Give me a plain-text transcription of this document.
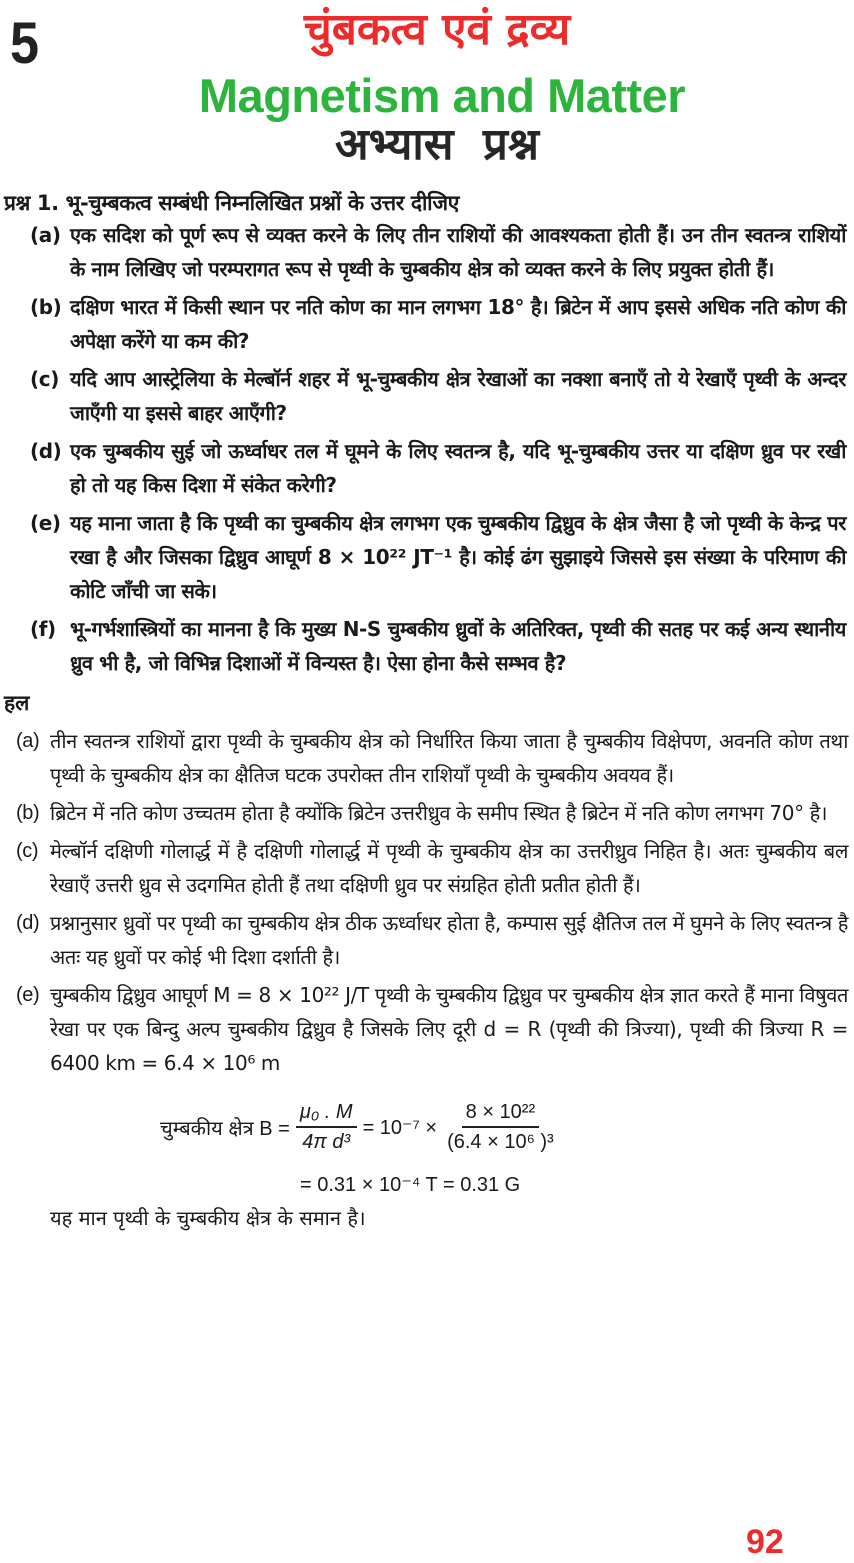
5	चुंबकत्व एवं द्रव्य
Magnetism and Matter
अभ्यास प्रश्न
प्रश्न 1. भू-चुम्बकत्व सम्बंधी निम्नलिखित प्रश्नों के उत्तर दीजिए
(a) एक सदिश को पूर्ण रूप से व्यक्त करने के लिए तीन राशियों की आवश्यकता होती हैं। उन तीन स्वतन्त्र राशियों के नाम लिखिए जो परम्परागत रूप से पृथ्वी के चुम्बकीय क्षेत्र को व्यक्त करने के लिए प्रयुक्त होती हैं।
(b) दक्षिण भारत में किसी स्थान पर नति कोण का मान लगभग 18° है। ब्रिटेन में आप इससे अधिक नति कोण की अपेक्षा करेंगे या कम की?
(c) यदि आप आस्ट्रेलिया के मेल्बॉर्न शहर में भू-चुम्बकीय क्षेत्र रेखाओं का नक्शा बनाएँ तो ये रेखाएँ पृथ्वी के अन्दर जाएँगी या इससे बाहर आएँगी?
(d) एक चुम्बकीय सुई जो ऊर्ध्वाधर तल में घूमने के लिए स्वतन्त्र है, यदि भू-चुम्बकीय उत्तर या दक्षिण ध्रुव पर रखी हो तो यह किस दिशा में संकेत करेगी?
(e) यह माना जाता है कि पृथ्वी का चुम्बकीय क्षेत्र लगभग एक चुम्बकीय द्विध्रुव के क्षेत्र जैसा है जो पृथ्वी के केन्द्र पर रखा है और जिसका द्विध्रुव आघूर्ण 8 × 10²² JT⁻¹ है। कोई ढंग सुझाइये जिससे इस संख्या के परिमाण की कोटि जाँची जा सके।
(f) भू-गर्भशास्त्रियों का मानना है कि मुख्य N-S चुम्बकीय ध्रुवों के अतिरिक्त, पृथ्वी की सतह पर कई अन्य स्थानीय ध्रुव भी है, जो विभिन्न दिशाओं में विन्यस्त है। ऐसा होना कैसे सम्भव है?
हल
(a) तीन स्वतन्त्र राशियों द्वारा पृथ्वी के चुम्बकीय क्षेत्र को निर्धारित किया जाता है चुम्बकीय विक्षेपण, अवनति कोण तथा पृथ्वी के चुम्बकीय क्षेत्र का क्षैतिज घटक उपरोक्त तीन राशियाँ पृथ्वी के चुम्बकीय अवयव हैं।
(b) ब्रिटेन में नति कोण उच्चतम होता है क्योंकि ब्रिटेन उत्तरीध्रुव के समीप स्थित है ब्रिटेन में नति कोण लगभग 70° है।
(c) मेल्बॉर्न दक्षिणी गोलार्द्ध में है दक्षिणी गोलार्द्ध में पृथ्वी के चुम्बकीय क्षेत्र का उत्तरीध्रुव निहित है। अतः चुम्बकीय बल रेखाएँ उत्तरी ध्रुव से उदगमित होती हैं तथा दक्षिणी ध्रुव पर संग्रहित होती प्रतीत होती हैं।
(d) प्रश्नानुसार ध्रुवों पर पृथ्वी का चुम्बकीय क्षेत्र ठीक ऊर्ध्वाधर होता है, कम्पास सुई क्षैतिज तल में घुमने के लिए स्वतन्त्र है अतः यह ध्रुवों पर कोई भी दिशा दर्शाती है।
(e) चुम्बकीय द्विध्रुव आघूर्ण M = 8 × 10²² J/T पृथ्वी के चुम्बकीय द्विध्रुव पर चुम्बकीय क्षेत्र ज्ञात करते हैं माना विषुवत रेखा पर एक बिन्दु अल्प चुम्बकीय द्विध्रुव है जिसके लिए दूरी d = R (पृथ्वी की त्रिज्या), पृथ्वी की त्रिज्या R = 6400 km = 6.4 × 10⁶ m
चुम्बकीय क्षेत्र $B = \frac{\text{μ₀ . M}}{\text{4π d³}} = 10^{-7} \times \frac{\text{8 × 10²²}}{\text{(6.4 × 10⁶ )³}}$
= 0.31 × 10⁻⁴ T = 0.31 G
यह मान पृथ्वी के चुम्बकीय क्षेत्र के समान है।
92
